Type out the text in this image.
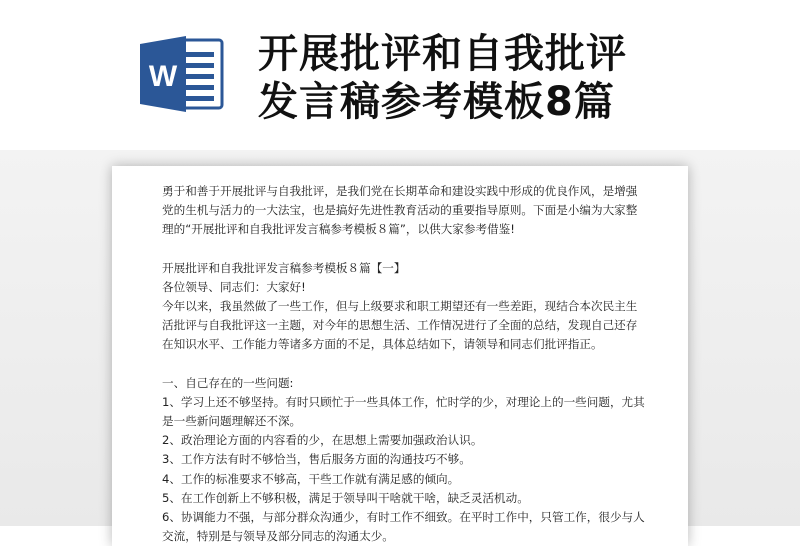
W 开展批评和自我批评
发言稿参考模板8篇

勇于和善于开展批评与自我批评，是我们党在长期革命和建设实践中形成的优良作风，是增强党的生机与活力的一大法宝，也是搞好先进性教育活动的重要指导原则。下面是小编为大家整理的“开展批评和自我批评发言稿参考模板８篇”，以供大家参考借鉴!

开展批评和自我批评发言稿参考模板８篇【一】

各位领导、同志们：大家好!

今年以来，我虽然做了一些工作，但与上级要求和职工期望还有一些差距，现结合本次民主生活批评与自我批评这一主题，对今年的思想生活、工作情况进行了全面的总结，发现自己还存在知识水平、工作能力等诸多方面的不足，具体总结如下，请领导和同志们批评指正。

一、自己存在的一些问题:

1、学习上还不够坚持。有时只顾忙于一些具体工作，忙时学的少，对理论上的一些问题，尤其是一些新问题理解还不深。

2、政治理论方面的内容看的少，在思想上需要加强政治认识。

3、工作方法有时不够恰当，售后服务方面的沟通技巧不够。

4、工作的标准要求不够高，干些工作就有满足感的倾向。

5、在工作创新上不够积极，满足于领导叫干啥就干啥，缺乏灵活机动。

6、协调能力不强，与部分群众沟通少，有时工作不细致。在平时工作中，只管工作，很少与人交流，特别是与领导及部分同志的沟通太少。
